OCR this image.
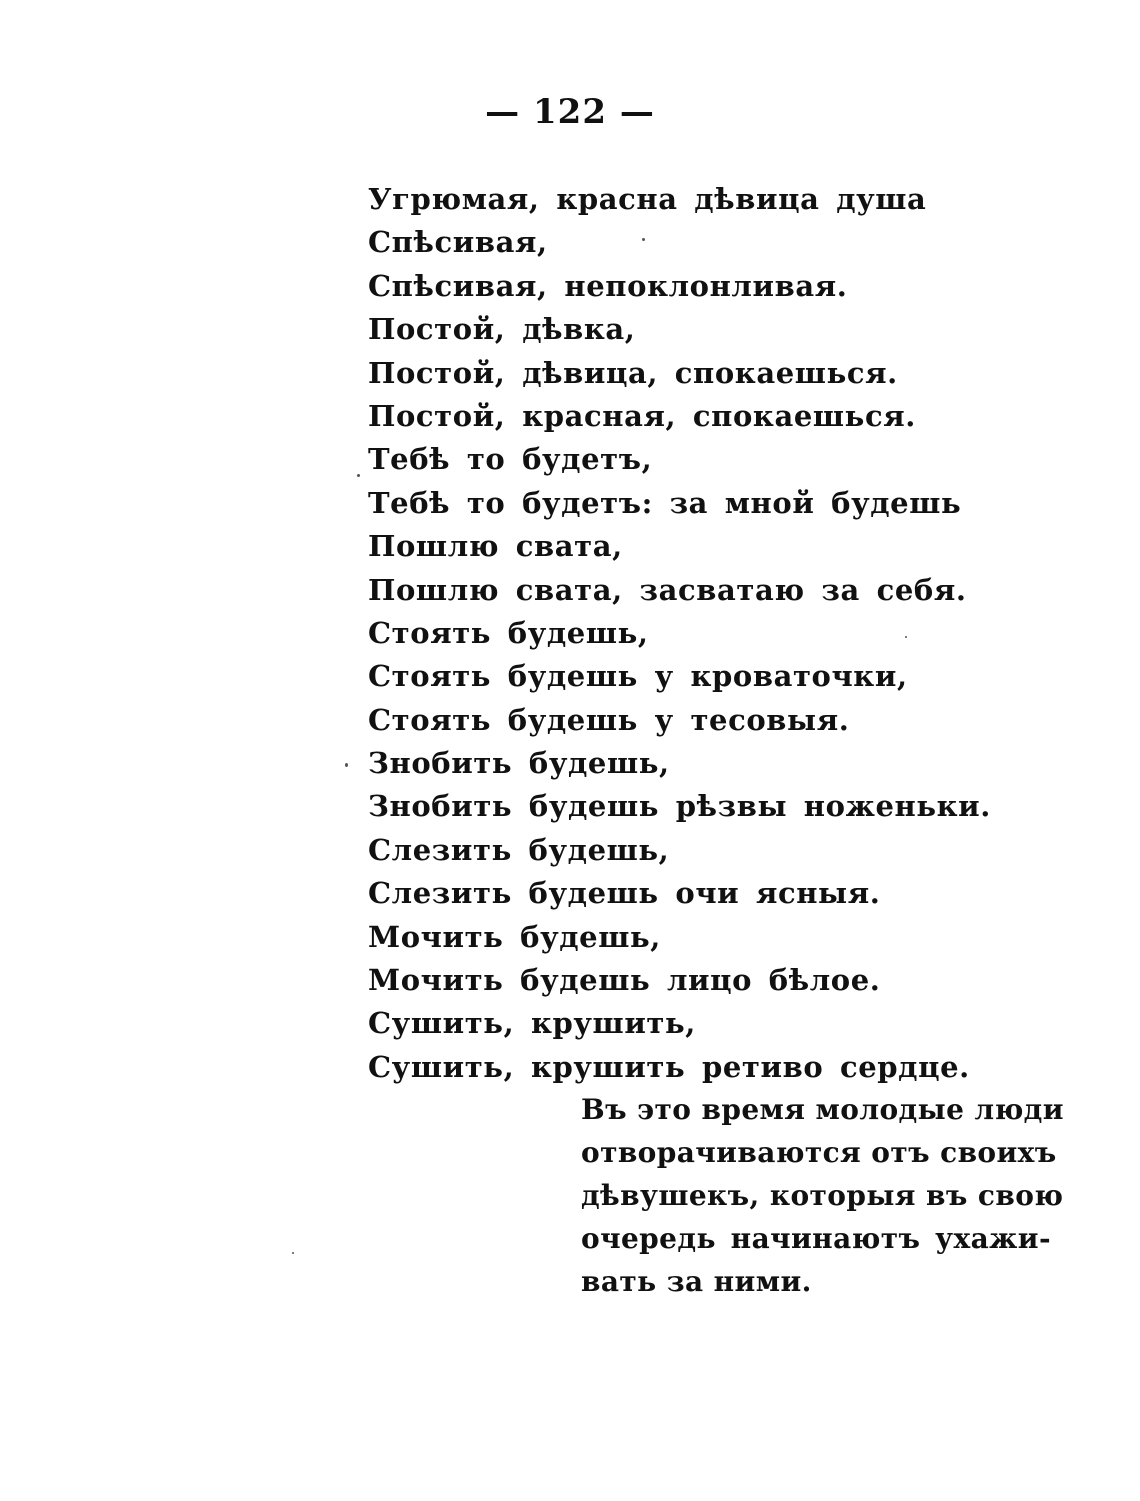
— 122 —
Угрюмая, красна дѣвица душа
Спѣсивая,
Спѣсивая, непоклонливая.
Постой, дѣвка,
Постой, дѣвица, спокаешься.
Постой, красная, спокаешься.
Тебѣ то будетъ,
Тебѣ то будетъ: за мной будешь
Пошлю свата,
Пошлю свата, засватаю за себя.
Стоять будешь,
Стоять будешь у кроваточки,
Стоять будешь у тесовыя.
Знобить будешь,
Знобить будешь рѣзвы ноженьки.
Слезить будешь,
Слезить будешь очи ясныя.
Мочить будешь,
Мочить будешь лицо бѣлое.
Сушить, крушить,
Сушить, крушить ретиво сердце.
Въ это время молодые люди
отворачиваются отъ своихъ
дѣвушекъ, которыя въ свою
очередь начинаютъ ухажи-
вать за ними.
